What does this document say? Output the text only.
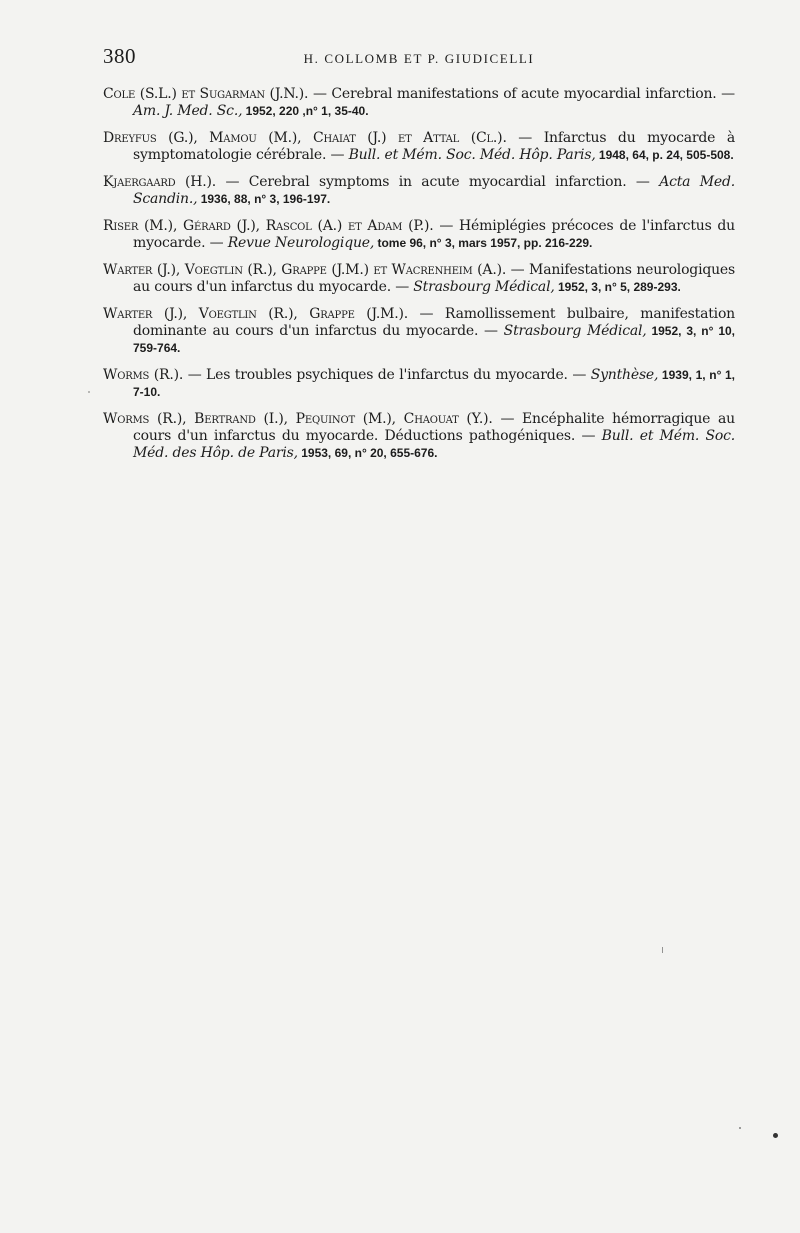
380	H. COLLOMB ET P. GIUDICELLI

Cole (S.L.) et Sugarman (J.N.). — Cerebral manifestations of acute myocardial infarction. — Am. J. Med. Sc., 1952, 220 ,n° 1, 35-40.

Dreyfus (G.), Mamou (M.), Chaiat (J.) et Attal (Cl.). — Infarctus du myocarde à symptomatologie cérébrale. — Bull. et Mém. Soc. Méd. Hôp. Paris, 1948, 64, p. 24, 505-508.

Kjaergaard (H.). — Cerebral symptoms in acute myocardial infarction. — Acta Med. Scandin., 1936, 88, n° 3, 196-197.

Riser (M.), Gérard (J.), Rascol (A.) et Adam (P.). — Hémiplégies précoces de l'infarctus du myocarde. — Revue Neurologique, tome 96, n° 3, mars 1957, pp. 216-229.

Warter (J.), Voegtlin (R.), Grappe (J.M.) et Wacrenheim (A.). — Manifestations neurologiques au cours d'un infarctus du myocarde. — Strasbourg Médical, 1952, 3, n° 5, 289-293.

Warter (J.), Voegtlin (R.), Grappe (J.M.). — Ramollissement bulbaire, manifestation dominante au cours d'un infarctus du myocarde. — Strasbourg Médical, 1952, 3, n° 10, 759-764.

Worms (R.). — Les troubles psychiques de l'infarctus du myocarde. — Synthèse, 1939, 1, n° 1, 7-10.

Worms (R.), Bertrand (I.), Pequinot (M.), Chaouat (Y.). — Encéphalite hémorragique au cours d'un infarctus du myocarde. Déductions pathogéniques. — Bull. et Mém. Soc. Méd. des Hôp. de Paris, 1953, 69, n° 20, 655-676.
